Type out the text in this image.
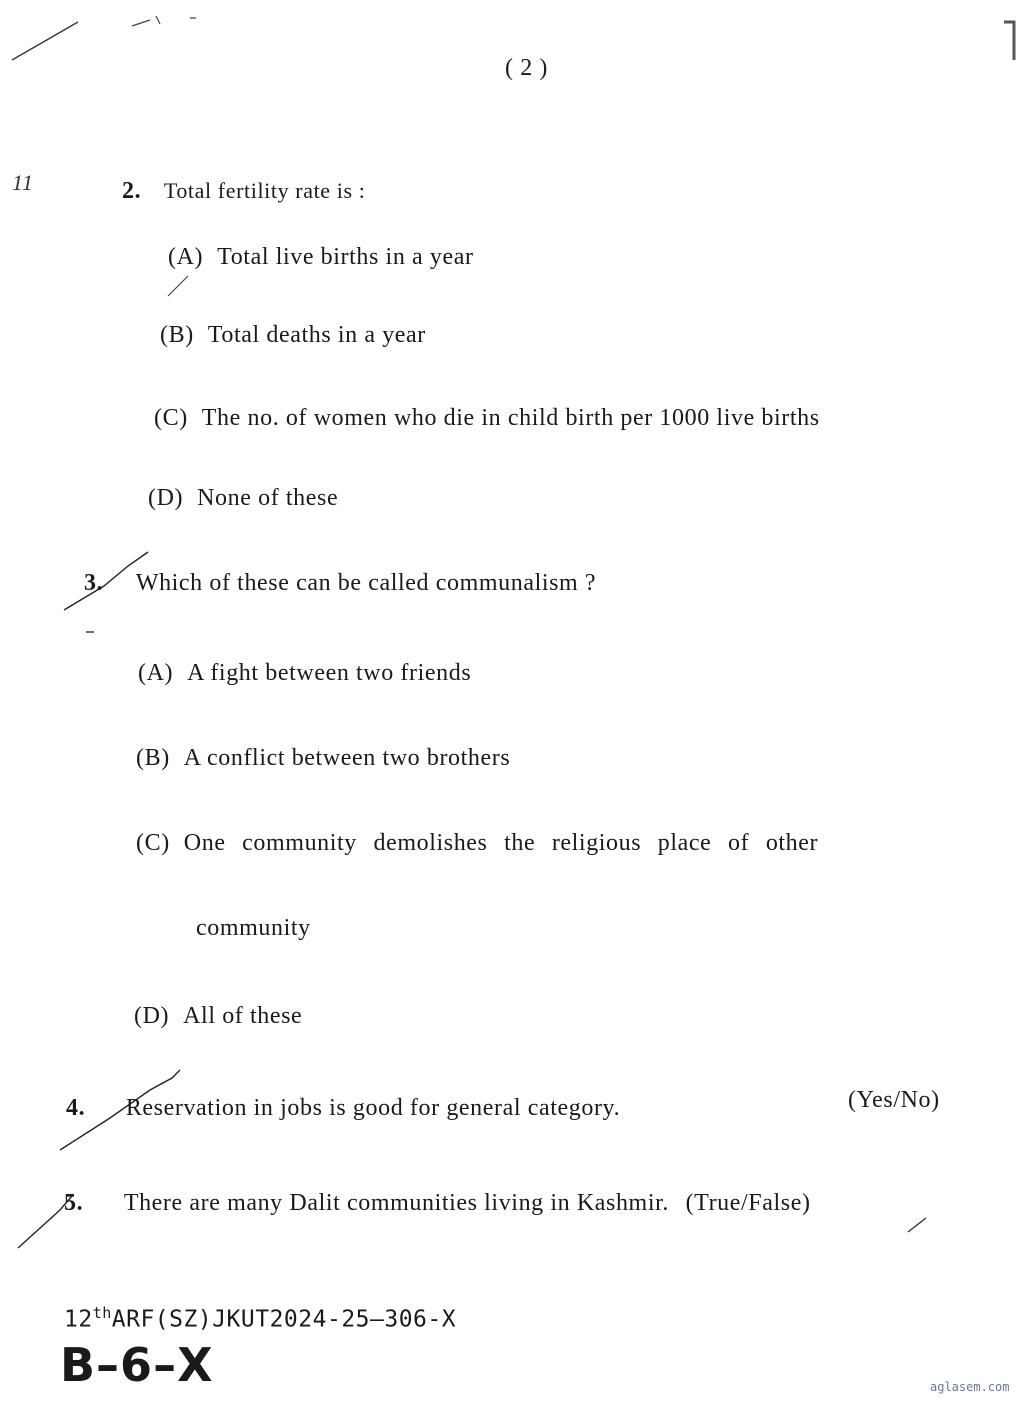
11
( 2 )
2. Total fertility rate is :
(A) Total live births in a year
(B) Total deaths in a year
(C) The no. of women who die in child birth per 1000 live births
(D) None of these
3. Which of these can be called communalism ?
(A) A fight between two friends
(B) A conflict between two brothers
(C) One community demolishes the religious place of other
community
(D) All of these
4. Reservation in jobs is good for general category.	(Yes/No)
5. There are many Dalit communities living in Kashmir. (True/False)
12thARF(SZ)JKUT2024-25—306-X
B–6–X	aglasem.com
